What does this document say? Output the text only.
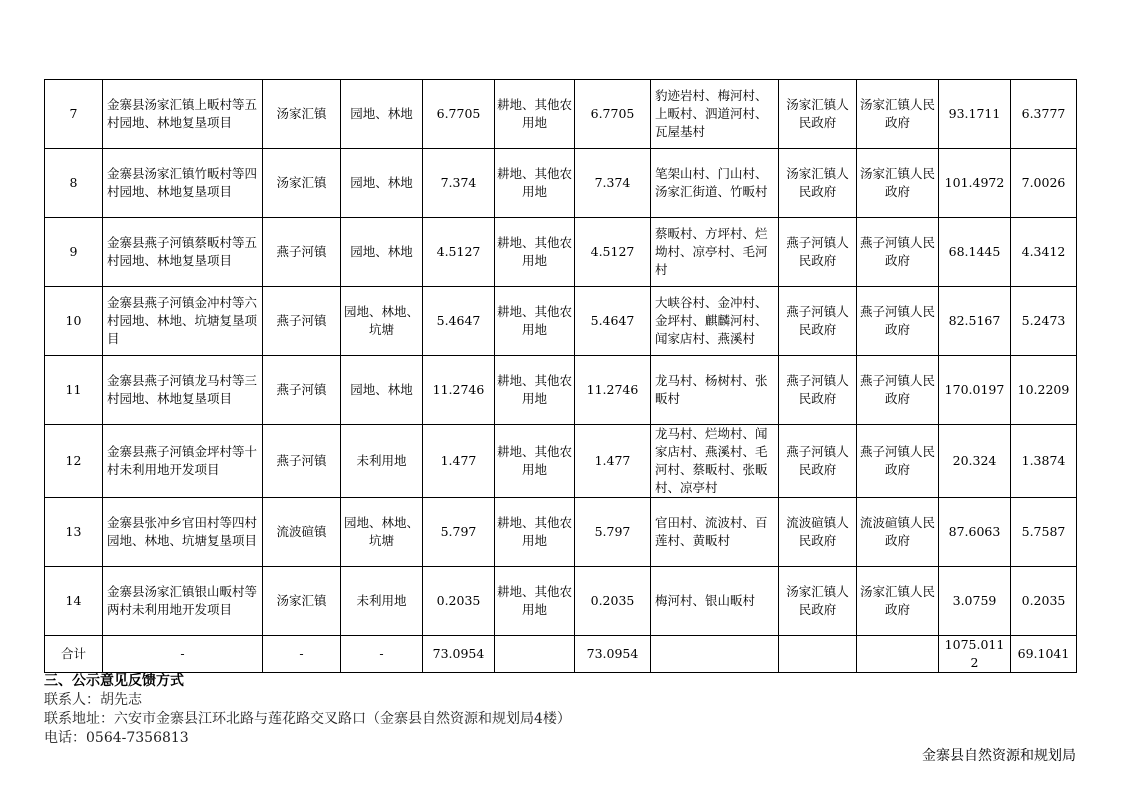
7	金寨县汤家汇镇上畈村等五村园地、林地复垦项目	汤家汇镇	园地、林地	6.7705	耕地、其他农用地	6.7705	豹迹岩村、梅河村、上畈村、泗道河村、瓦屋基村	汤家汇镇人民政府	汤家汇镇人民政府	93.1711	6.3777
8	金寨县汤家汇镇竹畈村等四村园地、林地复垦项目	汤家汇镇	园地、林地	7.374	耕地、其他农用地	7.374	笔架山村、门山村、汤家汇街道、竹畈村	汤家汇镇人民政府	汤家汇镇人民政府	101.4972	7.0026
9	金寨县燕子河镇蔡畈村等五村园地、林地复垦项目	燕子河镇	园地、林地	4.5127	耕地、其他农用地	4.5127	蔡畈村、方坪村、烂坳村、凉亭村、毛河村	燕子河镇人民政府	燕子河镇人民政府	68.1445	4.3412
10	金寨县燕子河镇金冲村等六村园地、林地、坑塘复垦项目	燕子河镇	园地、林地、坑塘	5.4647	耕地、其他农用地	5.4647	大峡谷村、金冲村、金坪村、麒麟河村、闻家店村、燕溪村	燕子河镇人民政府	燕子河镇人民政府	82.5167	5.2473
11	金寨县燕子河镇龙马村等三村园地、林地复垦项目	燕子河镇	园地、林地	11.2746	耕地、其他农用地	11.2746	龙马村、杨树村、张畈村	燕子河镇人民政府	燕子河镇人民政府	170.0197	10.2209
12	金寨县燕子河镇金坪村等十村未利用地开发项目	燕子河镇	未利用地	1.477	耕地、其他农用地	1.477	龙马村、烂坳村、闻家店村、燕溪村、毛河村、蔡畈村、张畈村、凉亭村	燕子河镇人民政府	燕子河镇人民政府	20.324	1.3874
13	金寨县张冲乡官田村等四村园地、林地、坑塘复垦项目	流波碹镇	园地、林地、坑塘	5.797	耕地、其他农用地	5.797	官田村、流波村、百莲村、黄畈村	流波碹镇人民政府	流波碹镇人民政府	87.6063	5.7587
14	金寨县汤家汇镇银山畈村等两村未利用地开发项目	汤家汇镇	未利用地	0.2035	耕地、其他农用地	0.2035	梅河村、银山畈村	汤家汇镇人民政府	汤家汇镇人民政府	3.0759	0.2035
合计	-	-	-	73.0954		73.0954				1075.0112	69.1041
三、公示意见反馈方式
联系人：胡先志
联系地址：六安市金寨县江环北路与莲花路交叉路口（金寨县自然资源和规划局4楼）
电话：0564-7356813
金寨县自然资源和规划局
